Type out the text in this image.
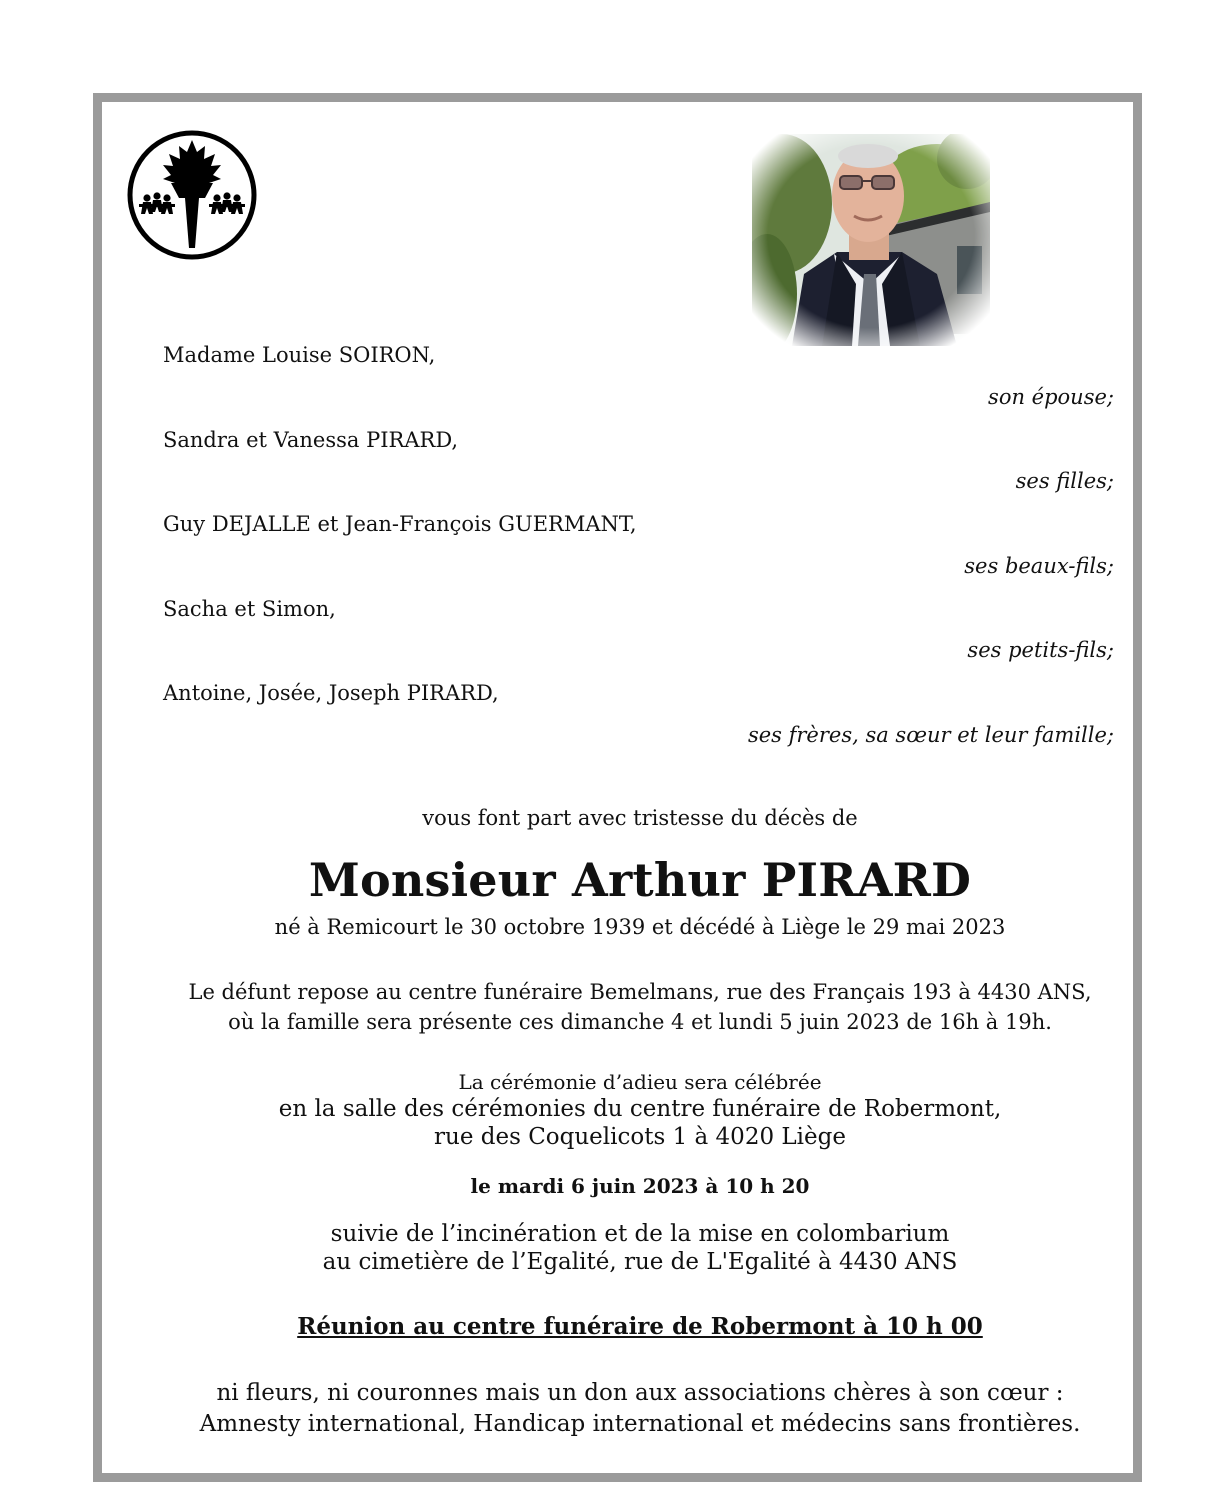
Madame Louise SOIRON,
son épouse;
Sandra et Vanessa PIRARD,
ses filles;
Guy DEJALLE et Jean-François GUERMANT,
ses beaux-fils;
Sacha et Simon,
ses petits-fils;
Antoine, Josée, Joseph PIRARD,
ses frères, sa sœur et leur famille;
vous font part avec tristesse du décès de
Monsieur Arthur PIRARD
né à Remicourt le 30 octobre 1939 et décédé à Liège le 29 mai 2023
Le défunt repose au centre funéraire Bemelmans, rue des Français 193 à 4430 ANS,
où la famille sera présente ces dimanche 4 et lundi 5 juin 2023 de 16h à 19h.
La cérémonie d’adieu sera célébrée
en la salle des cérémonies du centre funéraire de Robermont,
rue des Coquelicots 1 à 4020 Liège
le mardi 6 juin 2023 à 10 h 20
suivie de l’incinération et de la mise en colombarium
au cimetière de l’Egalité, rue de L'Egalité à 4430 ANS
Réunion au centre funéraire de Robermont à 10 h 00
ni fleurs, ni couronnes mais un don aux associations chères à son cœur :
Amnesty international, Handicap international et médecins sans frontières.
